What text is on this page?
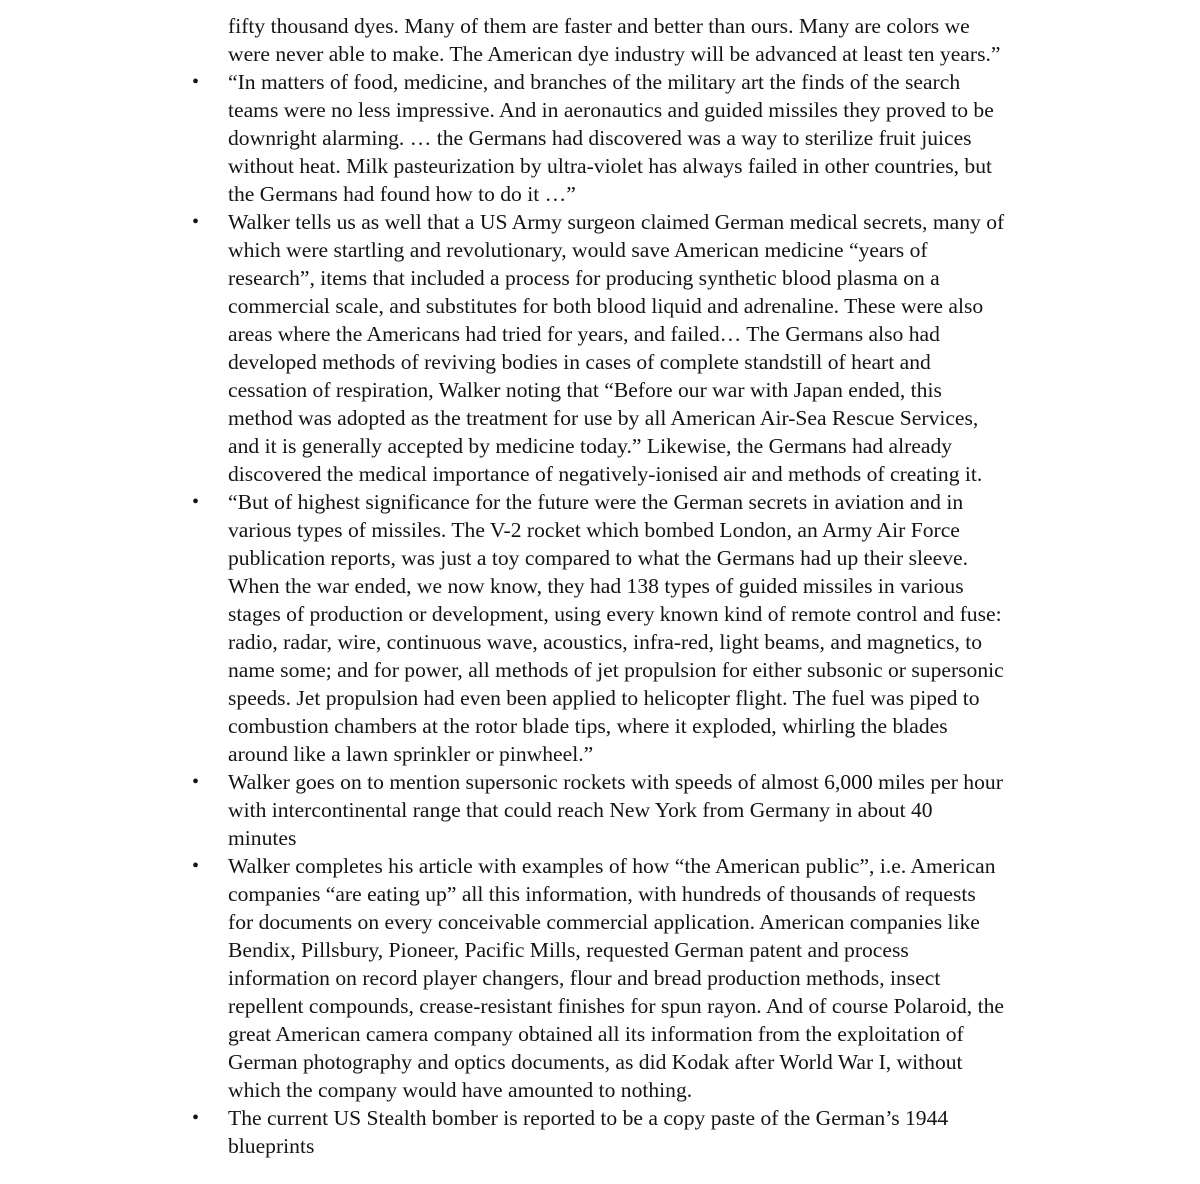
fifty thousand dyes. Many of them are faster and better than ours. Many are colors we
were never able to make. The American dye industry will be advanced at least ten years.”

• “In matters of food, medicine, and branches of the military art the finds of the search
teams were no less impressive. And in aeronautics and guided missiles they proved to be
downright alarming. … the Germans had discovered was a way to sterilize fruit juices
without heat. Milk pasteurization by ultra-violet has always failed in other countries, but
the Germans had found how to do it …”
• Walker tells us as well that a US Army surgeon claimed German medical secrets, many of
which were startling and revolutionary, would save American medicine “years of
research”, items that included a process for producing synthetic blood plasma on a
commercial scale, and substitutes for both blood liquid and adrenaline. These were also
areas where the Americans had tried for years, and failed… The Germans also had
developed methods of reviving bodies in cases of complete standstill of heart and
cessation of respiration, Walker noting that “Before our war with Japan ended, this
method was adopted as the treatment for use by all American Air-Sea Rescue Services,
and it is generally accepted by medicine today.” Likewise, the Germans had already
discovered the medical importance of negatively-ionised air and methods of creating it.
• “But of highest significance for the future were the German secrets in aviation and in
various types of missiles. The V-2 rocket which bombed London, an Army Air Force
publication reports, was just a toy compared to what the Germans had up their sleeve.
When the war ended, we now know, they had 138 types of guided missiles in various
stages of production or development, using every known kind of remote control and fuse:
radio, radar, wire, continuous wave, acoustics, infra-red, light beams, and magnetics, to
name some; and for power, all methods of jet propulsion for either subsonic or supersonic
speeds. Jet propulsion had even been applied to helicopter flight. The fuel was piped to
combustion chambers at the rotor blade tips, where it exploded, whirling the blades
around like a lawn sprinkler or pinwheel.”
• Walker goes on to mention supersonic rockets with speeds of almost 6,000 miles per hour
with intercontinental range that could reach New York from Germany in about 40
minutes
• Walker completes his article with examples of how “the American public”, i.e. American
companies “are eating up” all this information, with hundreds of thousands of requests
for documents on every conceivable commercial application. American companies like
Bendix, Pillsbury, Pioneer, Pacific Mills, requested German patent and process
information on record player changers, flour and bread production methods, insect
repellent compounds, crease-resistant finishes for spun rayon. And of course Polaroid, the
great American camera company obtained all its information from the exploitation of
German photography and optics documents, as did Kodak after World War I, without
which the company would have amounted to nothing.
• The current US Stealth bomber is reported to be a copy paste of the German’s 1944
blueprints
